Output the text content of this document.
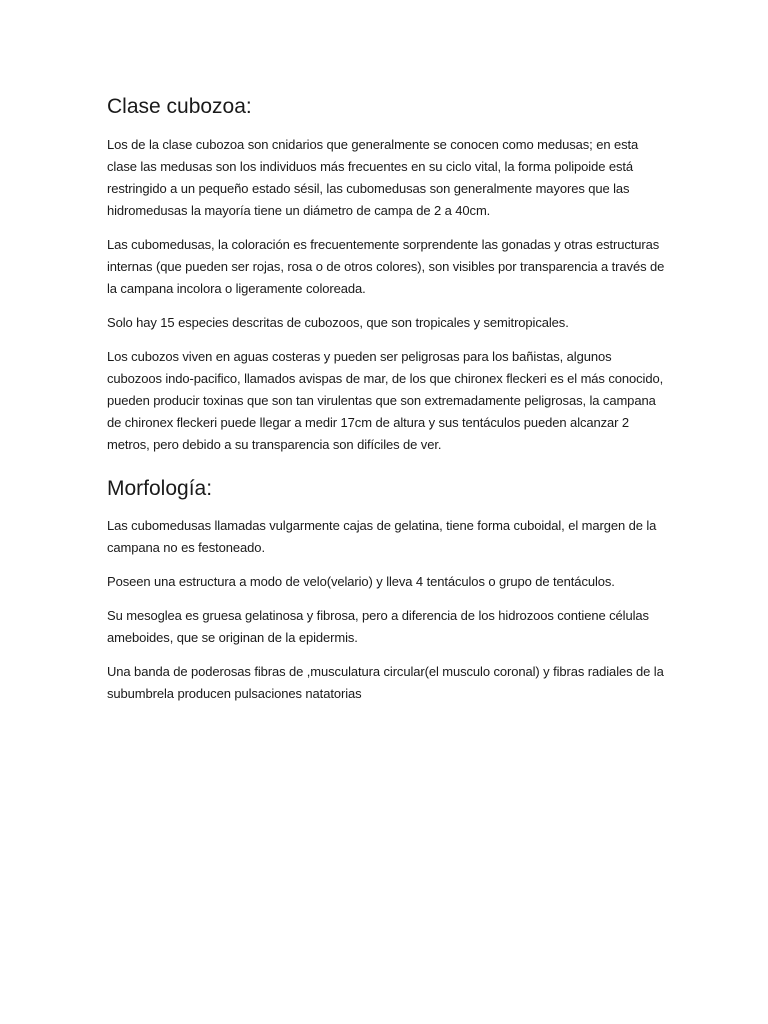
Clase cubozoa:

Los de la clase cubozoa son cnidarios que generalmente se conocen como medusas; en esta clase las medusas son los individuos más frecuentes en su ciclo vital, la forma polipoide está restringido a un pequeño estado sésil, las cubomedusas son generalmente mayores que las hidromedusas la mayoría tiene un diámetro de campa de 2 a 40cm.

Las cubomedusas, la coloración es frecuentemente sorprendente las gonadas y otras estructuras internas (que pueden ser rojas, rosa o de otros colores), son visibles por transparencia a través de la campana incolora o ligeramente coloreada.

Solo hay 15 especies descritas de cubozoos, que son tropicales y semitropicales.

Los cubozos viven en aguas costeras y pueden ser peligrosas para los bañistas, algunos cubozoos indo-pacifico, llamados avispas de mar, de los que chironex fleckeri es el más conocido, pueden producir toxinas que son tan virulentas que son extremadamente peligrosas, la campana de chironex fleckeri puede llegar a medir 17cm de altura y sus tentáculos pueden alcanzar 2 metros, pero debido a su transparencia son difíciles de ver.

Morfología:

Las cubomedusas llamadas vulgarmente cajas de gelatina, tiene forma cuboidal, el margen de la campana no es festoneado.

Poseen una estructura a modo de velo(velario) y lleva 4 tentáculos o grupo de tentáculos.

Su mesoglea es gruesa gelatinosa y fibrosa, pero a diferencia de los hidrozoos contiene células ameboides, que se originan de la epidermis.

Una banda de poderosas fibras de ,musculatura circular(el musculo coronal) y fibras radiales de la subumbrela producen pulsaciones natatorias
